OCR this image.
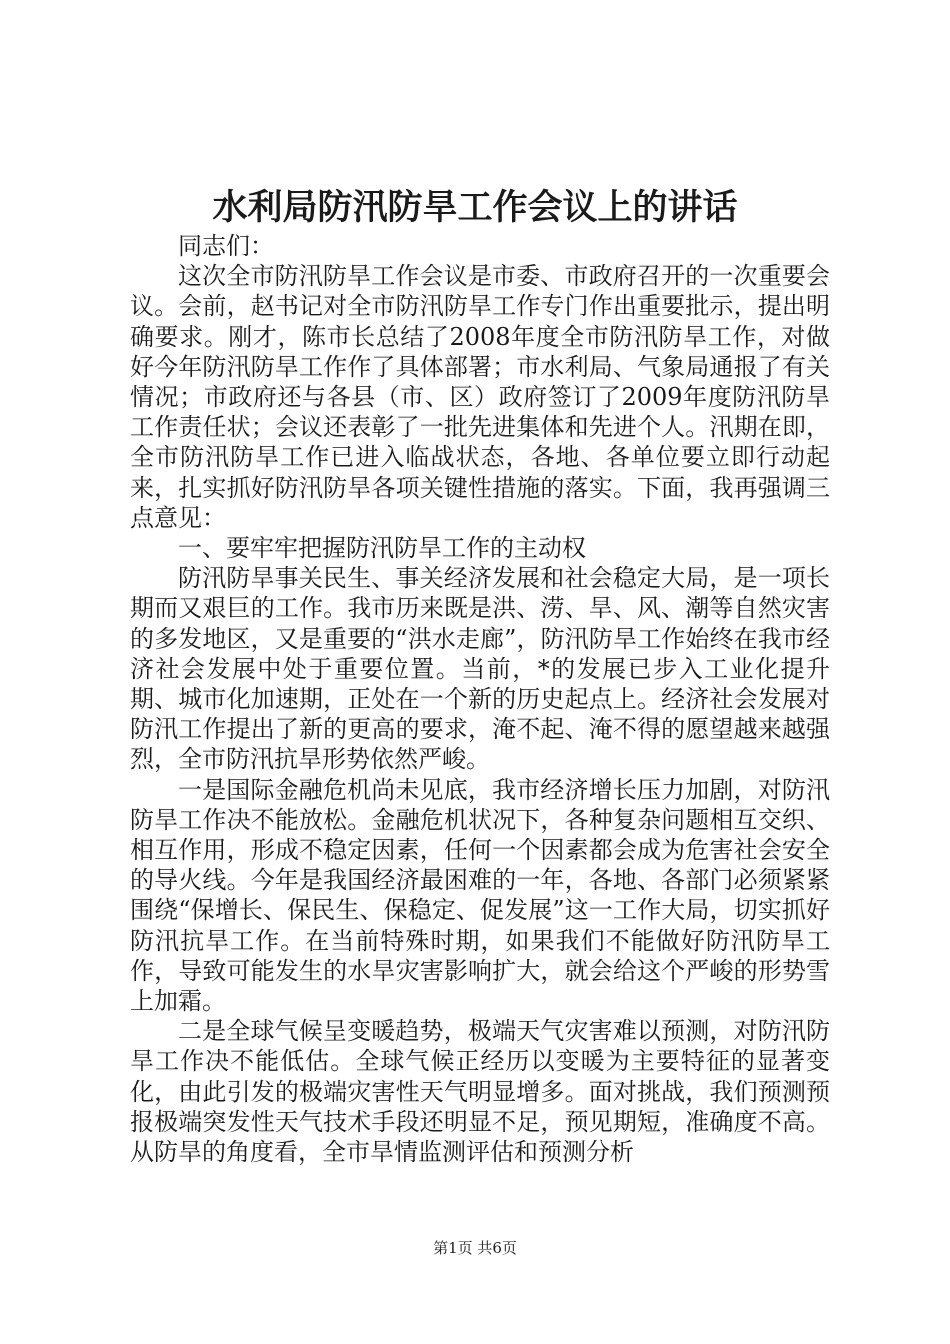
水利局防汛防旱工作会议上的讲话

同志们：

这次全市防汛防旱工作会议是市委、市政府召开的一次重要会议。会前，赵书记对全市防汛防旱工作专门作出重要批示，提出明确要求。刚才，陈市长总结了2008年度全市防汛防旱工作，对做好今年防汛防旱工作作了具体部署；市水利局、气象局通报了有关情况；市政府还与各县（市、区）政府签订了2009年度防汛防旱工作责任状；会议还表彰了一批先进集体和先进个人。汛期在即，全市防汛防旱工作已进入临战状态，各地、各单位要立即行动起来，扎实抓好防汛防旱各项关键性措施的落实。下面，我再强调三点意见：

一、要牢牢把握防汛防旱工作的主动权

防汛防旱事关民生、事关经济发展和社会稳定大局，是一项长期而又艰巨的工作。我市历来既是洪、涝、旱、风、潮等自然灾害的多发地区，又是重要的“洪水走廊”，防汛防旱工作始终在我市经济社会发展中处于重要位置。当前，*的发展已步入工业化提升期、城市化加速期，正处在一个新的历史起点上。经济社会发展对防汛工作提出了新的更高的要求，淹不起、淹不得的愿望越来越强烈，全市防汛抗旱形势依然严峻。

一是国际金融危机尚未见底，我市经济增长压力加剧，对防汛防旱工作决不能放松。金融危机状况下，各种复杂问题相互交织、相互作用，形成不稳定因素，任何一个因素都会成为危害社会安全的导火线。今年是我国经济最困难的一年，各地、各部门必须紧紧围绕“保增长、保民生、保稳定、促发展”这一工作大局，切实抓好防汛抗旱工作。在当前特殊时期，如果我们不能做好防汛防旱工作，导致可能发生的水旱灾害影响扩大，就会给这个严峻的形势雪上加霜。

二是全球气候呈变暖趋势，极端天气灾害难以预测，对防汛防旱工作决不能低估。全球气候正经历以变暖为主要特征的显著变化，由此引发的极端灾害性天气明显增多。面对挑战，我们预测预报极端突发性天气技术手段还明显不足，预见期短，准确度不高。从防旱的角度看，全市旱情监测评估和预测分析

第1页 共6页
